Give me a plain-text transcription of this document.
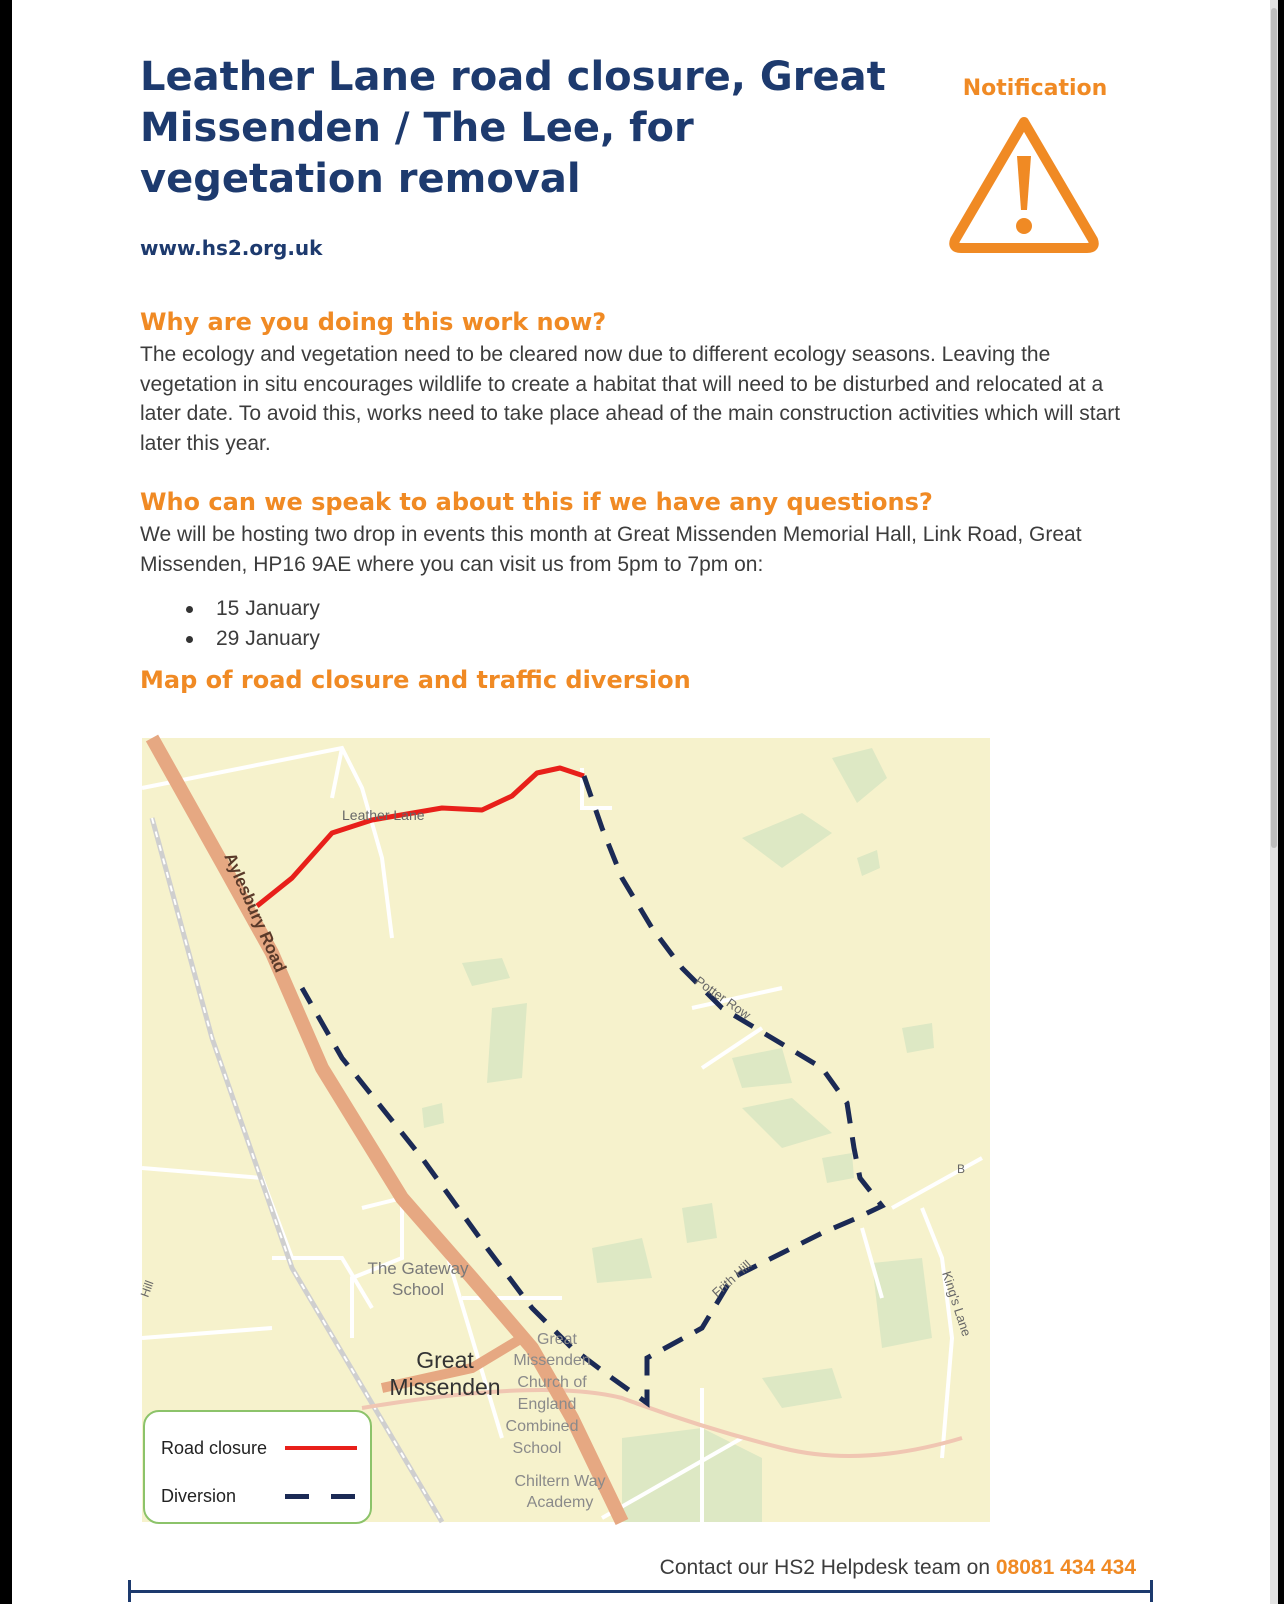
Leather Lane road closure, Great Missenden / The Lee, for vegetation removal
Notification
www.hs2.org.uk
Why are you doing this work now?

The ecology and vegetation need to be cleared now due to different ecology seasons. Leaving the vegetation in situ encourages wildlife to create a habitat that will need to be disturbed and relocated at a later date. To avoid this, works need to take place ahead of the main construction activities which will start later this year.

Who can we speak to about this if we have any questions?

We will be hosting two drop in events this month at Great Missenden Memorial Hall, Link Road, Great Missenden, HP16 9AE where you can visit us from 5pm to 7pm on:

15 January
29 January
Map of road closure and traffic diversion
Aylesbury Road
Leather Lane
Potter Row
Frith Hill	King's Lane
Hill
B
The Gateway
School
Great
Missenden
Great
Missenden
Church of
England
Combined
School
Chiltern Way
Academy
Road closure
Diversion
Contact our HS2 Helpdesk team on 08081 434 434
